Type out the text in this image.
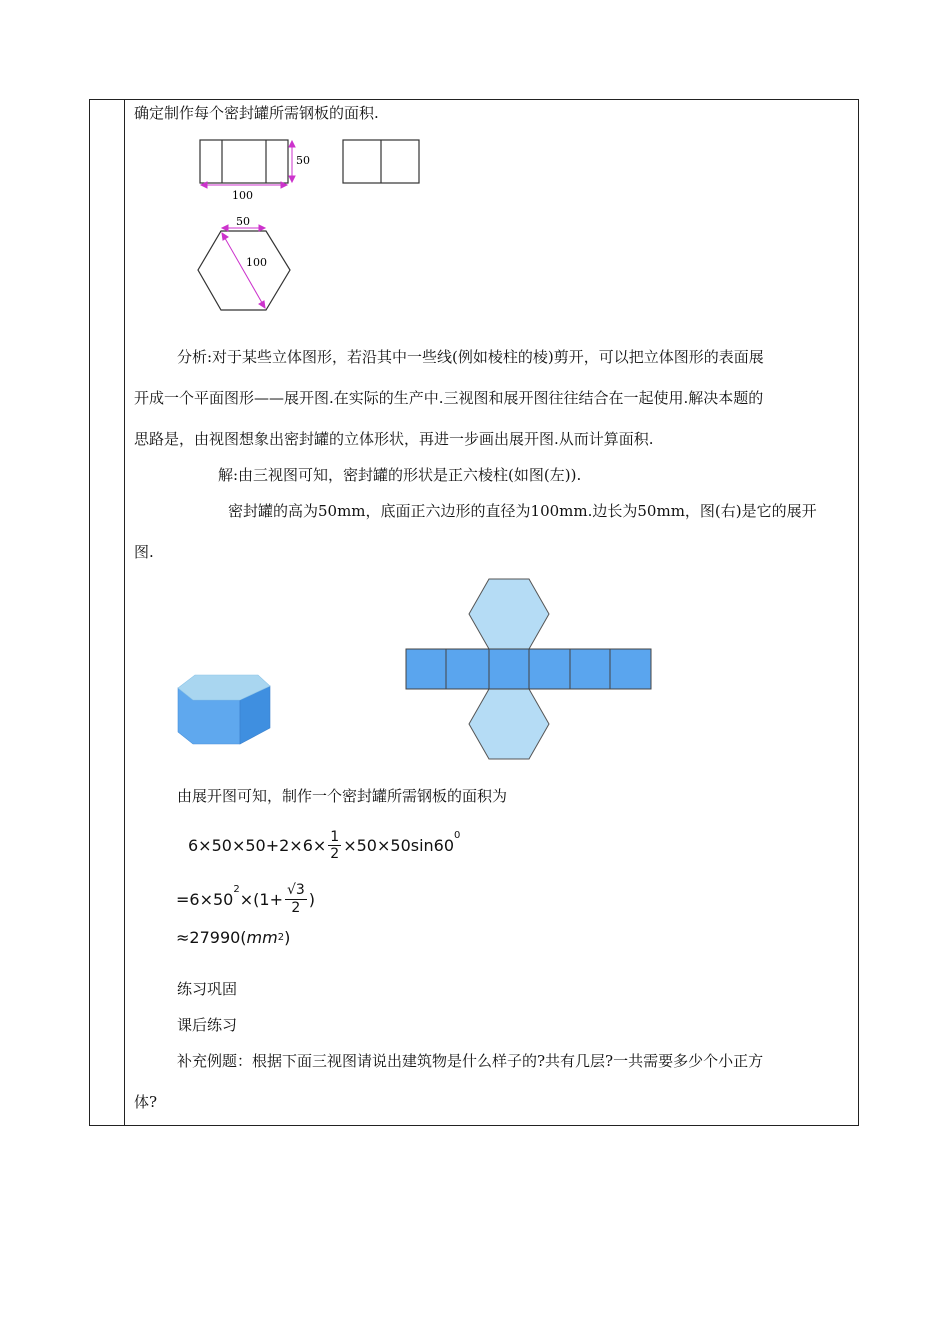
确定制作每个密封罐所需钢板的面积.
50
100
50
100
分析:对于某些立体图形，若沿其中一些线(例如棱柱的棱)剪开，可以把立体图形的表面展
开成一个平面图形——展开图.在实际的生产中.三视图和展开图往往结合在一起使用.解决本题的
思路是，由视图想象出密封罐的立体形状，再进一步画出展开图.从而计算面积.
解:由三视图可知，密封罐的形状是正六棱柱(如图(左)).
密封罐的高为50mm，底面正六边形的直径为100mm.边长为50mm，图(右)是它的展开
图.
由展开图可知，制作一个密封罐所需钢板的面积为
$6\times 50\times 50+2\times 6\times \frac{1}{2} \times 50\times 50\sin 60^0$
$=6\times 50^2 \times(1+ \frac{√3}{2}$ )
≈27990( mm 2 )
练习巩固
课后练习
补充例题：根据下面三视图请说出建筑物是什么样子的?共有几层?一共需要多少个小正方
体?
